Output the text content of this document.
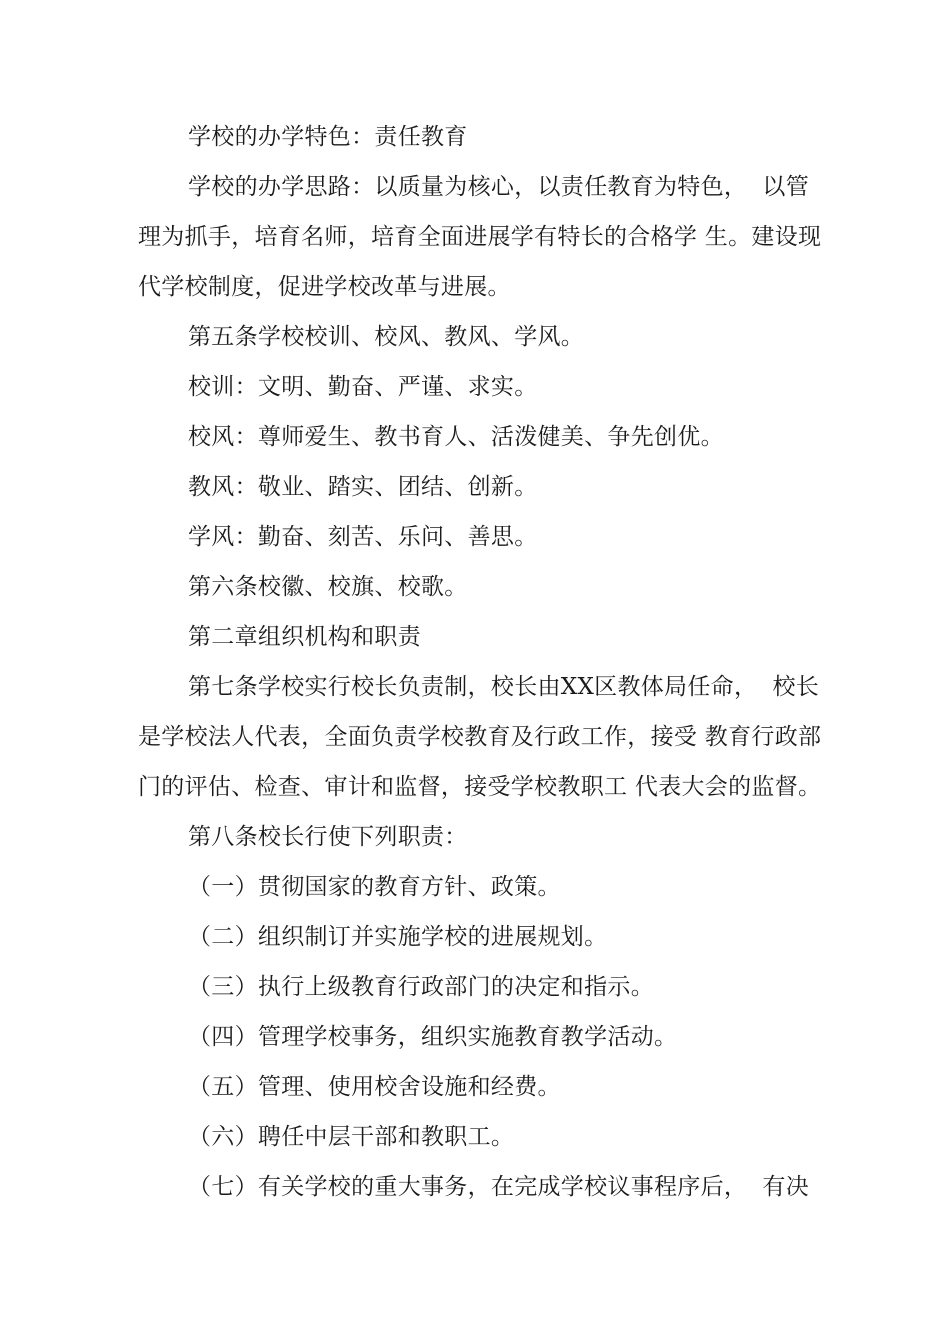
学校的办学特色：责任教育
学校的办学思路：以质量为核心，以责任教育为特色，  以管
理为抓手，培育名师，培育全面进展学有特长的合格学 生。建设现
代学校制度，促进学校改革与进展。
第五条学校校训、校风、教风、学风。
校训：文明、勤奋、严谨、求实。
校风：尊师爱生、教书育人、活泼健美、争先创优。
教风：敬业、踏实、团结、创新。
学风：勤奋、刻苦、乐问、善思。
第六条校徽、校旗、校歌。
第二章组织机构和职责
第七条学校实行校长负责制，校长由XX区教体局任命，  校长
是学校法人代表，全面负责学校教育及行政工作，接受 教育行政部
门的评估、检查、审计和监督，接受学校教职工 代表大会的监督。
第八条校长行使下列职责：
（一）贯彻国家的教育方针、政策。
（二）组织制订并实施学校的进展规划。
（三）执行上级教育行政部门的决定和指示。
（四）管理学校事务，组织实施教育教学活动。
（五）管理、使用校舍设施和经费。
（六）聘任中层干部和教职工。
（七）有关学校的重大事务，在完成学校议事程序后，  有决
